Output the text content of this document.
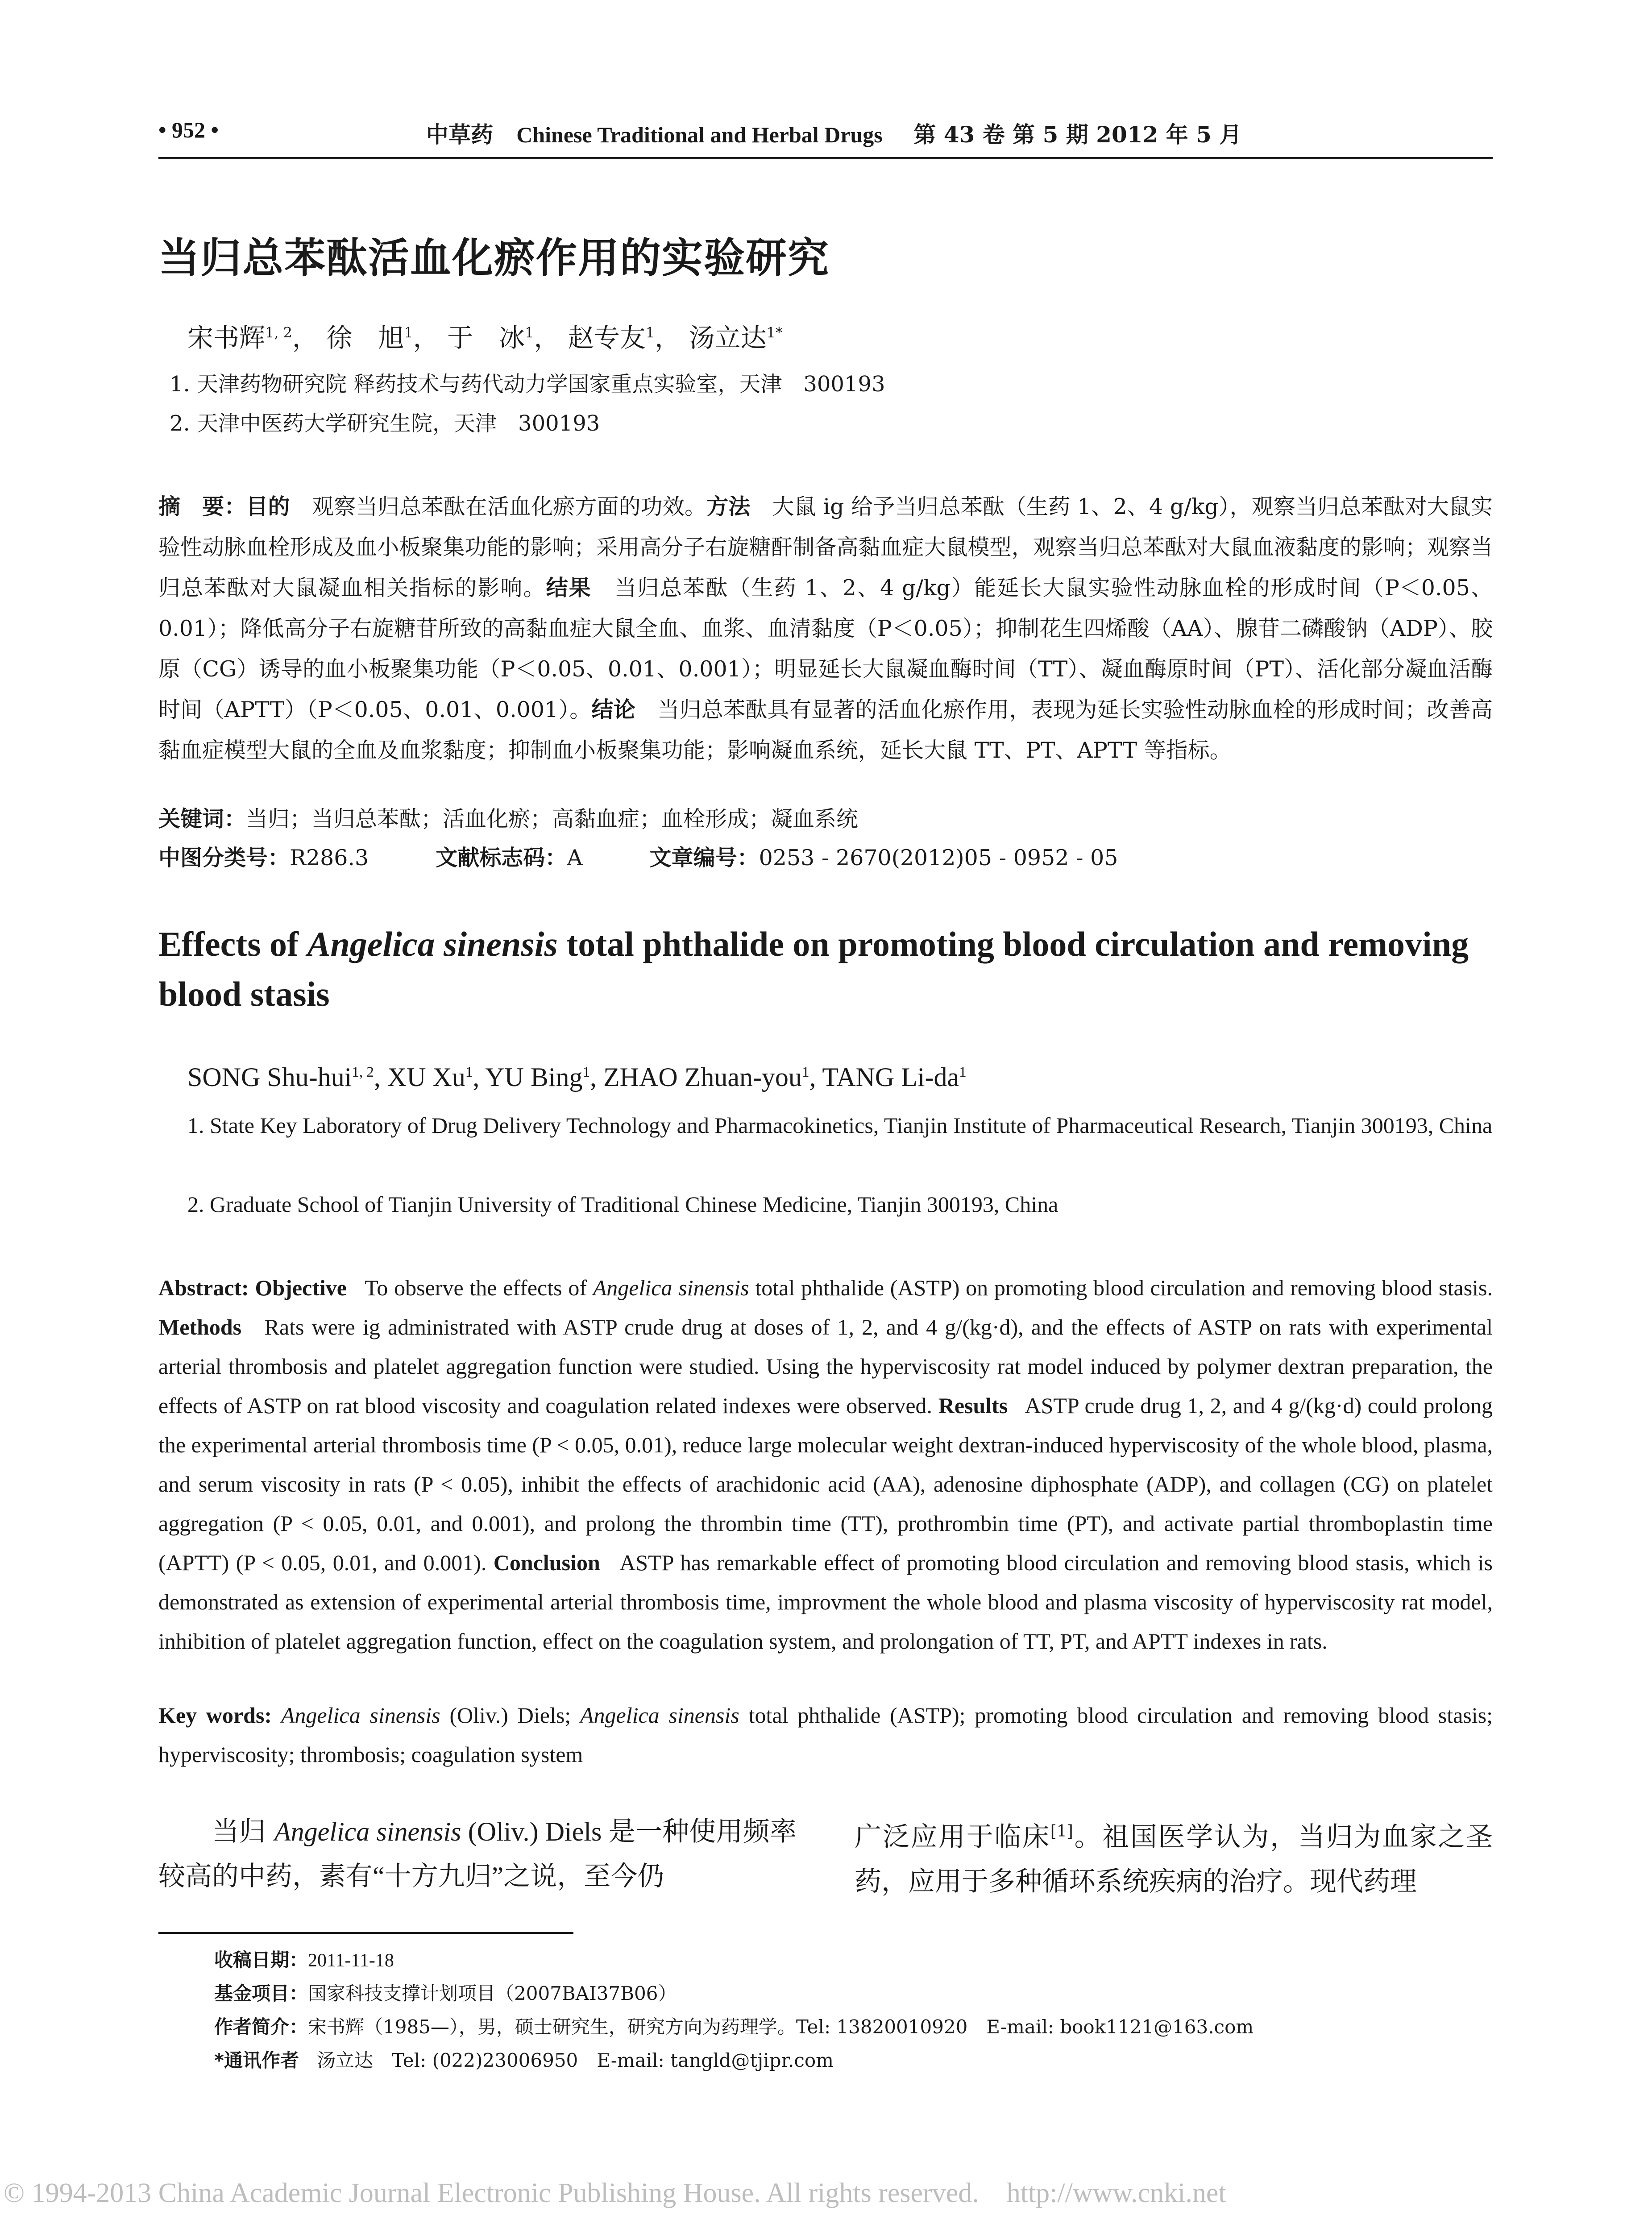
• 952 •	中草药 Chinese Traditional and Herbal Drugs 第 43 卷 第 5 期 2012 年 5 月
当归总苯酞活血化瘀作用的实验研究
宋书辉$^{1, 2}$， 徐　旭$^1$， 于　冰$^1$， 赵专友$^1$， 汤立达$^{1*}$
1. 天津药物研究院 释药技术与药代动力学国家重点实验室，天津　300193
2. 天津中医药大学研究生院，天津　300193
摘　要：目的　 观察当归总苯酞在活血化瘀方面的功效。方法　 大鼠 ig 给予当归总苯酞（生药 1、2、4 g/kg），观察当归总苯酞对大鼠实验性动脉血栓形成及血小板聚集功能的影响；采用高分子右旋糖酐制备高黏血症大鼠模型，观察当归总苯酞对大鼠血液黏度的影响；观察当归总苯酞对大鼠凝血相关指标的影响。结果　 当归总苯酞（生药 1、2、4 g/kg）能延长大鼠实验性动脉血栓的形成时间（P＜0.05、0.01）；降低高分子右旋糖苷所致的高黏血症大鼠全血、血浆、血清黏度（P＜0.05）；抑制花生四烯酸（AA）、腺苷二磷酸钠（ADP）、胶原（CG）诱导的血小板聚集功能（P＜0.05、0.01、0.001）；明显延长大鼠凝血酶时间（TT）、凝血酶原时间（PT）、活化部分凝血活酶时间（APTT）（P＜0.05、0.01、0.001）。结论　 当归总苯酞具有显著的活血化瘀作用，表现为延长实验性动脉血栓的形成时间；改善高黏血症模型大鼠的全血及血浆黏度；抑制血小板聚集功能；影响凝血系统，延长大鼠 TT、PT、APTT 等指标。
关键词：当归；当归总苯酞；活血化瘀；高黏血症；血栓形成；凝血系统
中图分类号：R286.3	文献标志码：A	文章编号：0253 - 2670(2012)05 - 0952 - 05
Effects of Angelica sinensis total phthalide on promoting blood circulation and removing blood stasis
SONG Shu-hui$^{1, 2}$, XU Xu$^1$, YU Bing$^1$, ZHAO Zhuan-you$^1$, TANG $Li-da^1$
1. State Key Laboratory of Drug Delivery Technology and Pharmacokinetics, Tianjin Institute of Pharmaceutical Research, Tianjin 300193, China
2. Graduate School of Tianjin University of Traditional Chinese Medicine, Tianjin 300193, China
Abstract: Objective To observe the effects of Angelica sinensis total phthalide (ASTP) on promoting blood circulation and removing blood stasis. Methods Rats were ig administrated with ASTP crude drug at doses of 1, 2, and 4 g/(kg·d), and the effects of ASTP on rats with experimental arterial thrombosis and platelet aggregation function were studied. Using the hyperviscosity rat model induced by polymer dextran preparation, the effects of ASTP on rat blood viscosity and coagulation related indexes were observed. Results ASTP crude drug 1, 2, and 4 g/(kg·d) could prolong the experimental arterial thrombosis time (P < 0.05, 0.01), reduce large molecular weight dextran-induced hyperviscosity of the whole blood, plasma, and serum viscosity in rats (P < 0.05), inhibit the effects of arachidonic acid (AA), adenosine diphosphate (ADP), and collagen (CG) on platelet aggregation (P < 0.05, 0.01, and 0.001), and prolong the thrombin time (TT), prothrombin time (PT), and activate partial thromboplastin time (APTT) (P < 0.05, 0.01, and 0.001). Conclusion ASTP has remarkable effect of promoting blood circulation and removing blood stasis, which is demonstrated as extension of experimental arterial thrombosis time, improvment the whole blood and plasma viscosity of hyperviscosity rat model, inhibition of platelet aggregation function, effect on the coagulation system, and prolongation of TT, PT, and APTT indexes in rats.
Key words: Angelica sinensis (Oliv.) Diels; Angelica sinensis total phthalide (ASTP); promoting blood circulation and removing blood stasis; hyperviscosity; thrombosis; coagulation system
  当归 Angelica sinensis (Oliv.) Diels 是一种使用频率较高的中药，素有“十方九归”之说，至今仍
广泛应用于临床[1]。祖国医学认为，当归为血家之圣药，应用于多种循环系统疾病的治疗。现代药理
收稿日期：2011-11-18
基金项目：国家科技支撑计划项目（2007BAI37B06）
作者简介：宋书辉（1985—），男，硕士研究生，研究方向为药理学。Tel: 13820010920　E-mail: book1121@163.com
*通讯作者 汤立达　Tel: (022)23006950　E-mail: tangld@tjipr.com
© 1994-2013 China Academic Journal Electronic Publishing House. All rights reserved.    http://www.cnki.net
